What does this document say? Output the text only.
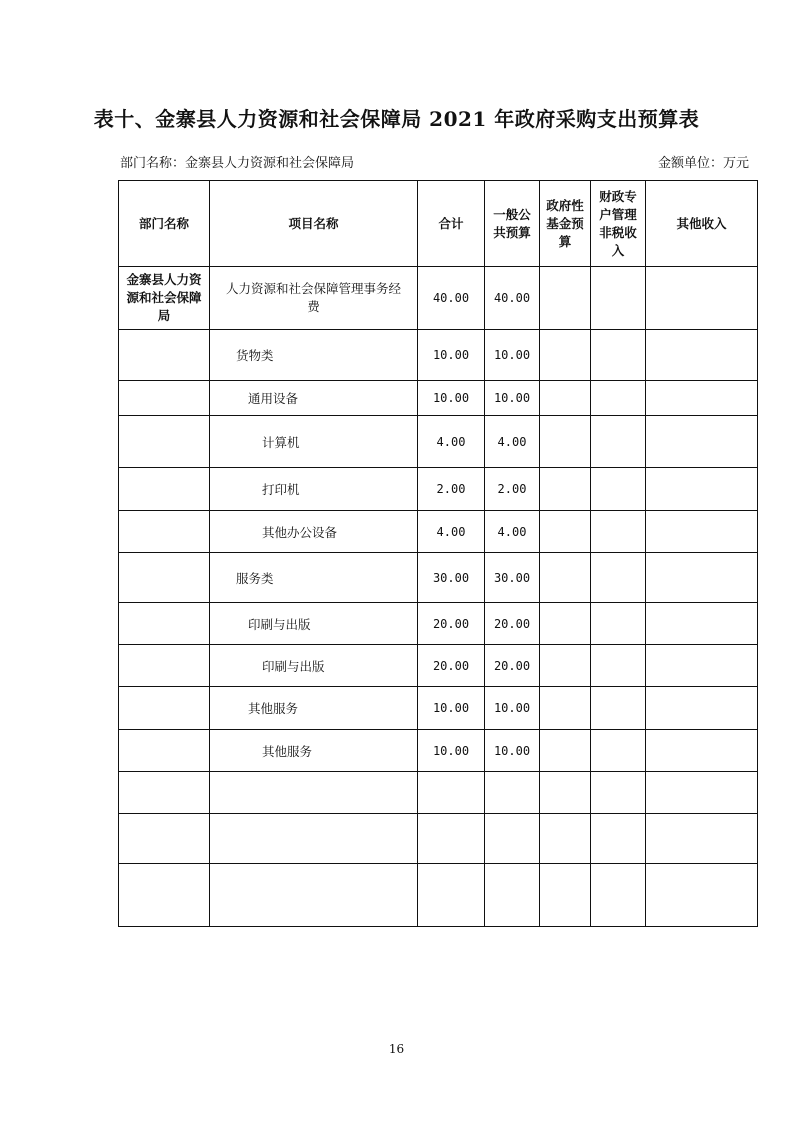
表十、金寨县人力资源和社会保障局 2021 年政府采购支出预算表
部门名称：金寨县人力资源和社会保障局	金额单位：万元
部门名称	项目名称	合计	一般公共预算	政府性基金预算	财政专户管理非税收入	其他收入
金寨县人力资源和社会保障局	人力资源和社会保障管理事务经费	40.00	40.00			
	货物类	10.00	10.00			
	通用设备	10.00	10.00			
	计算机	4.00	4.00			
	打印机	2.00	2.00			
	其他办公设备	4.00	4.00			
	服务类	30.00	30.00			
	印刷与出版	20.00	20.00			
	印刷与出版	20.00	20.00			
	其他服务	10.00	10.00			
	其他服务	10.00	10.00			

16
